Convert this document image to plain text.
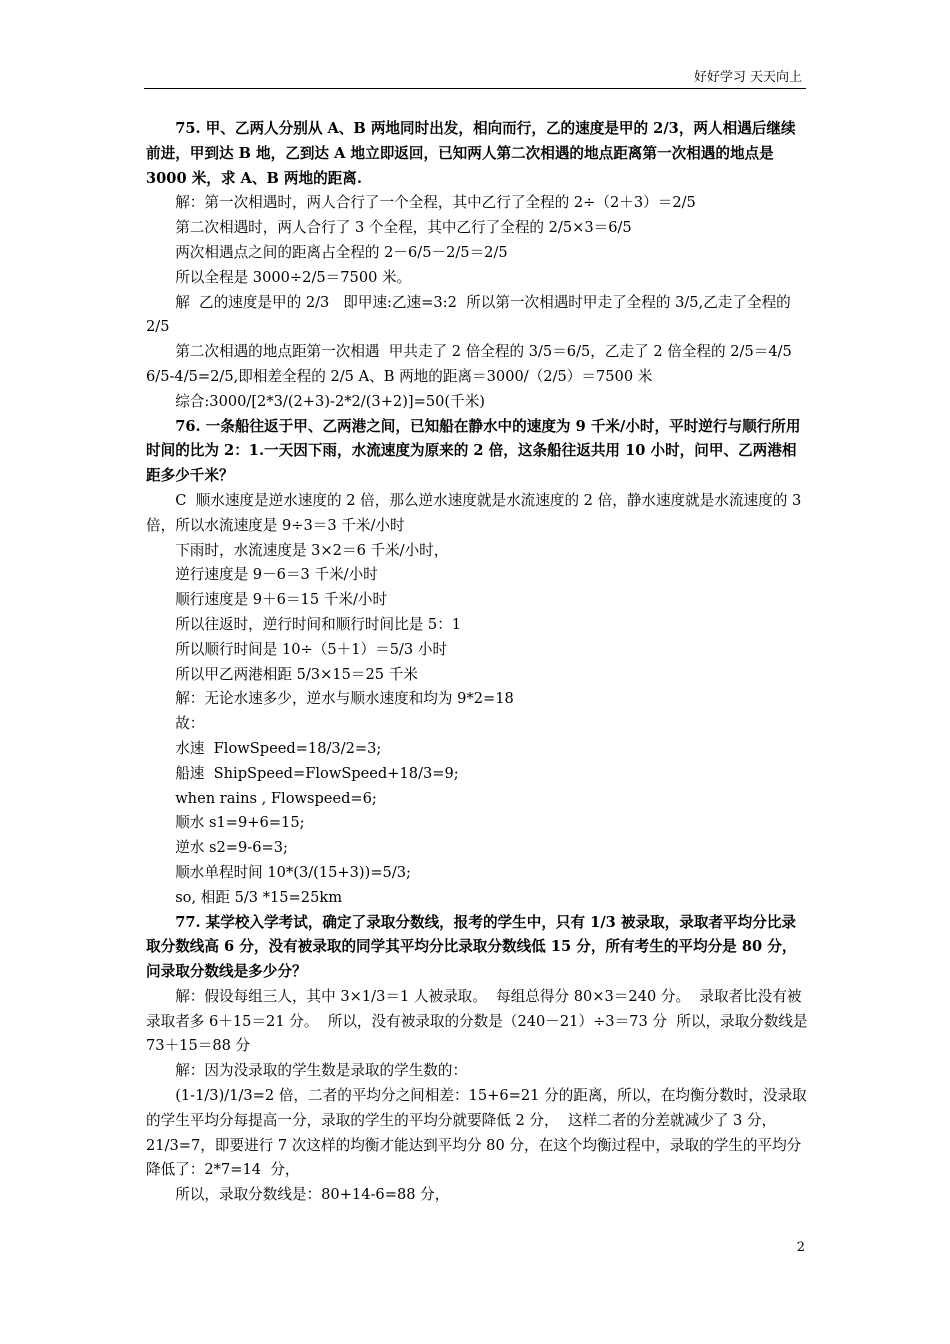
好好学习 天天向上

75. 甲、乙两人分别从 A、B 两地同时出发，相向而行，乙的速度是甲的 2/3，两人相遇后继续前进，甲到达 B 地，乙到达 A 地立即返回，已知两人第二次相遇的地点距离第一次相遇的地点是 3000 米，求 A、B 两地的距离.

解：第一次相遇时，两人合行了一个全程，其中乙行了全程的 2÷（2＋3）＝2/5

第二次相遇时，两人合行了 3 个全程，其中乙行了全程的 2/5×3＝6/5

两次相遇点之间的距离占全程的 2－6/5－2/5＝2/5

所以全程是 3000÷2/5＝7500 米。

解  乙的速度是甲的 2/3   即甲速:乙速=3:2  所以第一次相遇时甲走了全程的 3/5,乙走了全程的 2/5

第二次相遇的地点距第一次相遇  甲共走了 2 倍全程的 3/5＝6/5，乙走了 2 倍全程的 2/5＝4/5 6/5-4/5=2/5,即相差全程的 2/5 A、B 两地的距离＝3000/（2/5）＝7500 米

综合:3000/[2*3/(2+3)-2*2/(3+2)]=50(千米)

76. 一条船往返于甲、乙两港之间，已知船在静水中的速度为 9 千米/小时，平时逆行与顺行所用时间的比为 2：1.一天因下雨，水流速度为原来的 2 倍，这条船往返共用 10 小时，问甲、乙两港相距多少千米？

C  顺水速度是逆水速度的 2 倍，那么逆水速度就是水流速度的 2 倍，静水速度就是水流速度的 3 倍，所以水流速度是 9÷3＝3 千米/小时

下雨时，水流速度是 3×2＝6 千米/小时，

逆行速度是 9－6＝3 千米/小时

顺行速度是 9＋6＝15 千米/小时

所以往返时，逆行时间和顺行时间比是 5：1

所以顺行时间是 10÷（5＋1）＝5/3 小时

所以甲乙两港相距 5/3×15＝25 千米

解：无论水速多少，逆水与顺水速度和均为 9*2=18

故：

水速  FlowSpeed=18/3/2=3;

船速  ShipSpeed=FlowSpeed+18/3=9;

when rains , Flowspeed=6;

顺水 s1=9+6=15;

逆水 s2=9-6=3;

顺水单程时间 10*(3/(15+3))=5/3;

so, 相距 5/3 *15=25km

77. 某学校入学考试，确定了录取分数线，报考的学生中，只有 1/3 被录取，录取者平均分比录取分数线高 6 分，没有被录取的同学其平均分比录取分数线低 15 分，所有考生的平均分是 80 分，问录取分数线是多少分？

解：假设每组三人，其中 3×1/3＝1 人被录取。  每组总得分 80×3＝240 分。  录取者比没有被录取者多 6＋15＝21 分。  所以，没有被录取的分数是（240－21）÷3＝73 分  所以，录取分数线是 73＋15＝88 分

解：因为没录取的学生数是录取的学生数的：

(1-1/3)/1/3=2 倍，二者的平均分之间相差：15+6=21 分的距离，所以，在均衡分数时，没录取的学生平均分每提高一分，录取的学生的平均分就要降低 2 分，  这样二者的分差就减少了 3 分，21/3=7，即要进行 7 次这样的均衡才能达到平均分 80 分，在这个均衡过程中，录取的学生的平均分降低了：2*7=14  分，

所以，录取分数线是：80+14-6=88 分，

2
